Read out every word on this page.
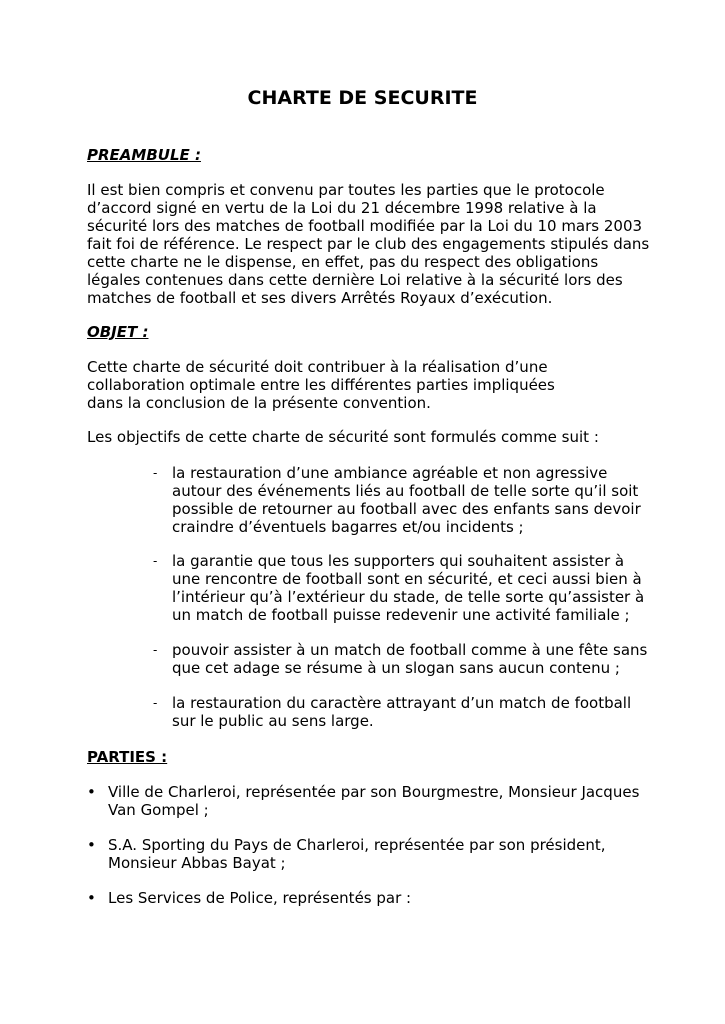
CHARTE DE SECURITE
PREAMBULE :
Il est bien compris et convenu par toutes les parties que le protocole
d’accord signé en vertu de la Loi du 21 décembre 1998 relative à la
sécurité lors des matches de football modifiée par la Loi du 10 mars 2003
fait foi de référence. Le respect par le club des engagements stipulés dans
cette charte ne le dispense, en effet, pas du respect des obligations
légales contenues dans cette dernière Loi relative à la sécurité lors des
matches de football et ses divers Arrêtés Royaux d’exécution.
OBJET :
Cette charte de sécurité doit contribuer à la réalisation d’une
collaboration optimale entre les différentes parties impliquées
dans la conclusion de la présente convention.
Les objectifs de cette charte de sécurité sont formulés comme suit :
- la restauration d’une ambiance agréable et non agressive
autour des événements liés au football de telle sorte qu’il soit
possible de retourner au football avec des enfants sans devoir
craindre d’éventuels bagarres et/ou incidents ;
- la garantie que tous les supporters qui souhaitent assister à
une rencontre de football sont en sécurité, et ceci aussi bien à
l’intérieur qu’à l’extérieur du stade, de telle sorte qu’assister à
un match de football puisse redevenir une activité familiale ;
- pouvoir assister à un match de football comme à une fête sans
que cet adage se résume à un slogan sans aucun contenu ;
- la restauration du caractère attrayant d’un match de football
sur le public au sens large.
PARTIES :
• Ville de Charleroi, représentée par son Bourgmestre, Monsieur Jacques
Van Gompel ;
• S.A. Sporting du Pays de Charleroi, représentée par son président,
Monsieur Abbas Bayat ;
• Les Services de Police, représentés par :
